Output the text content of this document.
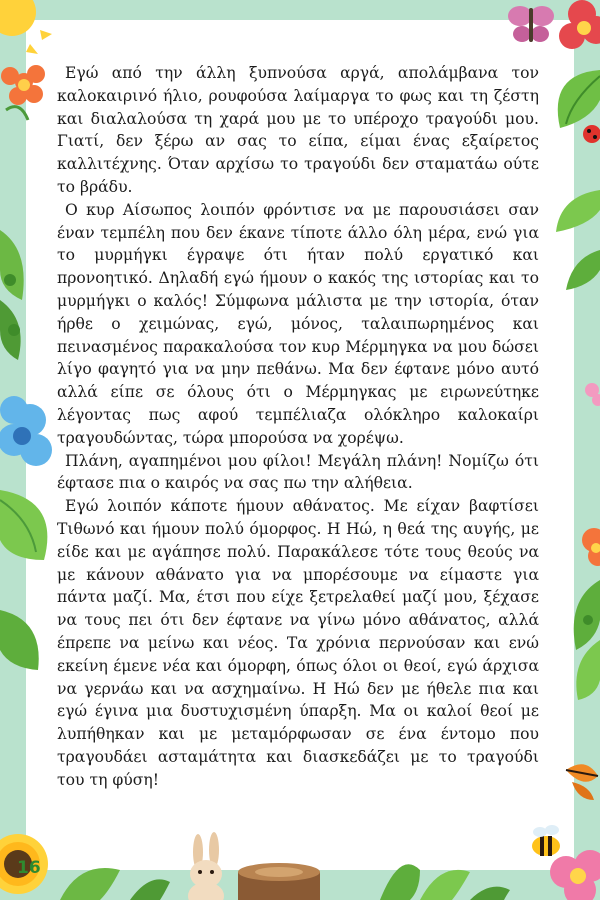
Εγώ από την άλλη ξυπνούσα αργά, απολάμβανα τον καλοκαιρινό ήλιο, ρουφούσα λαίμαργα το φως και τη ζέστη και διαλαλούσα τη χαρά μου με το υπέροχο τραγούδι μου. Γιατί, δεν ξέρω αν σας το είπα, είμαι ένας εξαίρετος καλλιτέχνης. Όταν αρχίσω το τραγούδι δεν σταματάω ούτε το βράδυ.

Ο κυρ Αίσωπος λοιπόν φρόντισε να με παρουσιάσει σαν έναν τεμπέλη που δεν έκανε τίποτε άλλο όλη μέρα, ενώ για το μυρμήγκι έγραψε ότι ήταν πολύ εργατικό και προνοητικό. Δηλαδή εγώ ήμουν ο κακός της ιστορίας και το μυρμήγκι ο καλός! Σύμφωνα μάλιστα με την ιστορία, όταν ήρθε ο χειμώνας, εγώ, μόνος, ταλαιπωρημένος και πεινασμένος παρακαλούσα τον κυρ Μέρμηγκα να μου δώσει λίγο φαγητό για να μην πεθάνω. Μα δεν έφτανε μόνο αυτό αλλά είπε σε όλους ότι ο Μέρμηγκας με ειρωνεύτηκε λέγοντας πως αφού τεμπέλιαζα ολόκληρο καλοκαίρι τραγουδώντας, τώρα μπορούσα να χορέψω.

Πλάνη, αγαπημένοι μου φίλοι! Μεγάλη πλάνη! Νομίζω ότι έφτασε πια ο καιρός να σας πω την αλήθεια.

Εγώ λοιπόν κάποτε ήμουν αθάνατος. Με είχαν βαφτίσει Τιθωνό και ήμουν πολύ όμορφος. Η Ηώ, η θεά της αυγής, με είδε και με αγάπησε πολύ. Παρακάλεσε τότε τους θεούς να με κάνουν αθάνατο για να μπορέσουμε να είμαστε για πάντα μαζί. Μα, έτσι που είχε ξετρελαθεί μαζί μου, ξέχασε να τους πει ότι δεν έφτανε να γίνω μόνο αθάνατος, αλλά έπρεπε να μείνω και νέος. Τα χρόνια περνούσαν και ενώ εκείνη έμενε νέα και όμορφη, όπως όλοι οι θεοί, εγώ άρχισα να γερνάω και να ασχημαίνω. Η Ηώ δεν με ήθελε πια και εγώ έγινα μια δυστυχισμένη ύπαρξη. Μα οι καλοί θεοί με λυπήθηκαν και με μεταμόρφωσαν σε ένα έντομο που τραγουδάει ασταμάτητα και διασκεδάζει με το τραγούδι του τη φύση!

16
